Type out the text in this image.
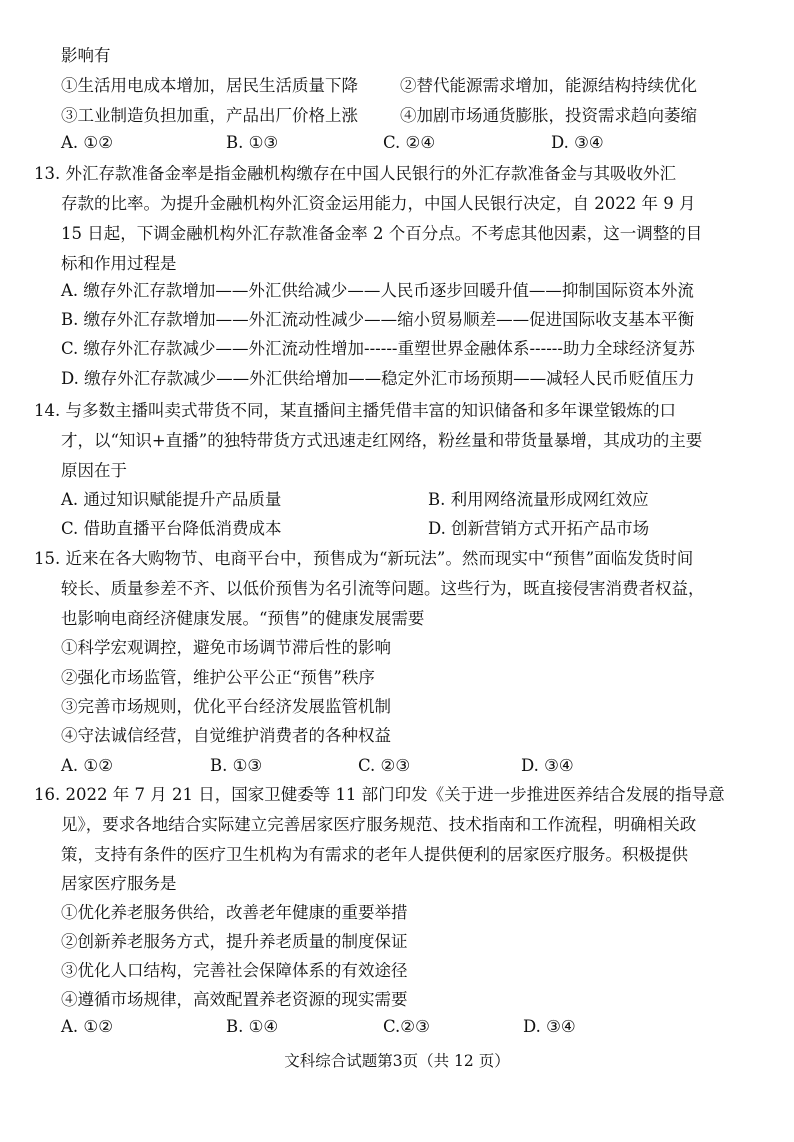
影响有
①生活用电成本增加，居民生活质量下降	②替代能源需求增加，能源结构持续优化
③工业制造负担加重，产品出厂价格上涨	④加剧市场通货膨胀，投资需求趋向萎缩
A. ①②	B. ①③	C. ②④	D. ③④
13. 外汇存款准备金率是指金融机构缴存在中国人民银行的外汇存款准备金与其吸收外汇
存款的比率。为提升金融机构外汇资金运用能力，中国人民银行决定，自 2022 年 9 月
15 日起，下调金融机构外汇存款准备金率 2 个百分点。不考虑其他因素，这一调整的目
标和作用过程是
A. 缴存外汇存款增加——外汇供给减少——人民币逐步回暖升值——抑制国际资本外流
B. 缴存外汇存款增加——外汇流动性减少——缩小贸易顺差——促进国际收支基本平衡
C. 缴存外汇存款减少——外汇流动性增加------重塑世界金融体系------助力全球经济复苏
D. 缴存外汇存款减少——外汇供给增加——稳定外汇市场预期——减轻人民币贬值压力
14. 与多数主播叫卖式带货不同，某直播间主播凭借丰富的知识储备和多年课堂锻炼的口
才，以“知识+直播”的独特带货方式迅速走红网络，粉丝量和带货量暴增，其成功的主要
原因在于
A. 通过知识赋能提升产品质量	B. 利用网络流量形成网红效应
C. 借助直播平台降低消费成本	D. 创新营销方式开拓产品市场
15. 近来在各大购物节、电商平台中，预售成为“新玩法”。然而现实中“预售”面临发货时间
较长、质量参差不齐、以低价预售为名引流等问题。这些行为，既直接侵害消费者权益，
也影响电商经济健康发展。“预售”的健康发展需要
①科学宏观调控，避免市场调节滞后性的影响
②强化市场监管，维护公平公正“预售”秩序
③完善市场规则，优化平台经济发展监管机制
④守法诚信经营，自觉维护消费者的各种权益
A. ①②	B. ①③	C. ②③	D. ③④
16. 2022 年 7 月 21 日，国家卫健委等 11 部门印发《关于进一步推进医养结合发展的指导意
见》，要求各地结合实际建立完善居家医疗服务规范、技术指南和工作流程，明确相关政
策，支持有条件的医疗卫生机构为有需求的老年人提供便利的居家医疗服务。积极提供
居家医疗服务是
①优化养老服务供给，改善老年健康的重要举措
②创新养老服务方式，提升养老质量的制度保证
③优化人口结构，完善社会保障体系的有效途径
④遵循市场规律，高效配置养老资源的现实需要
A. ①②	B. ①④	C.②③	D. ③④
文科综合试题第3页（共 12 页）
